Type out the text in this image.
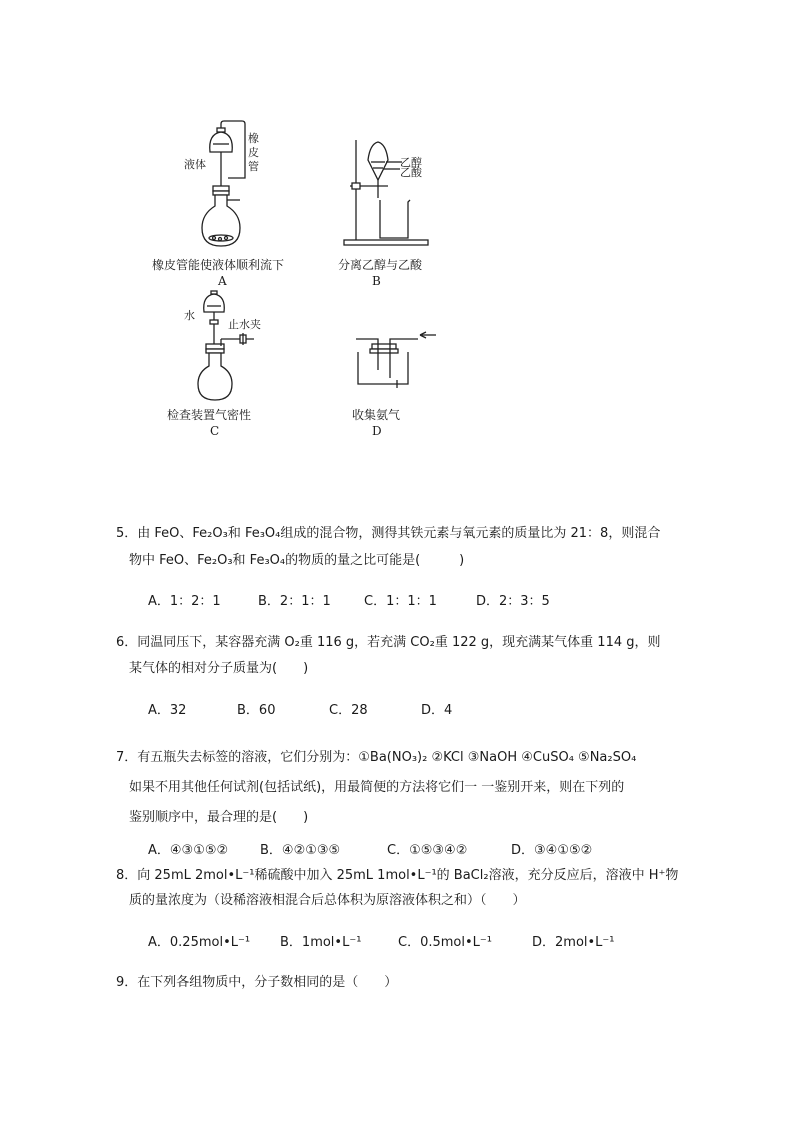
液体
橡
皮
管
橡皮管能使液体顺利流下
A
乙醇
乙酸
分离乙醇与乙酸
B
水
止水夹
检查装置气密性
C
收集氨气
D
5．由 FeO、Fe₂O₃和 Fe₃O₄组成的混合物，测得其铁元素与氧元素的质量比为 21：8，则混合
　物中 FeO、Fe₂O₃和 Fe₃O₄的物质的量之比可能是(　　　)
A．1：2：1	B．2：1：1	C．1：1：1	D．2：3：5
6．同温同压下，某容器充满 O₂重 116 g，若充满 CO₂重 122 g，现充满某气体重 114 g，则
　某气体的相对分子质量为(　　)
A．32	B．60	C．28	D．4
7．有五瓶失去标签的溶液，它们分别为：①Ba(NO₃)₂ ②KCl ③NaOH ④CuSO₄ ⑤Na₂SO₄
　如果不用其他任何试剂(包括试纸)，用最简便的方法将它们一 一鉴别开来，则在下列的
　鉴别顺序中，最合理的是(　　)
A．④③①⑤② B．④②①③⑤	C．①⑤③④②	D．③④①⑤②
8．向 25mL 2mol•L⁻¹稀硫酸中加入 25mL 1mol•L⁻¹的 BaCl₂溶液，充分反应后，溶液中 H⁺物
　质的量浓度为（设稀溶液相混合后总体积为原溶液体积之和）（　　）
A．0.25mol•L⁻¹ B．1mol•L⁻¹	C．0.5mol•L⁻¹	D．2mol•L⁻¹
9．在下列各组物质中，分子数相同的是（　　）
